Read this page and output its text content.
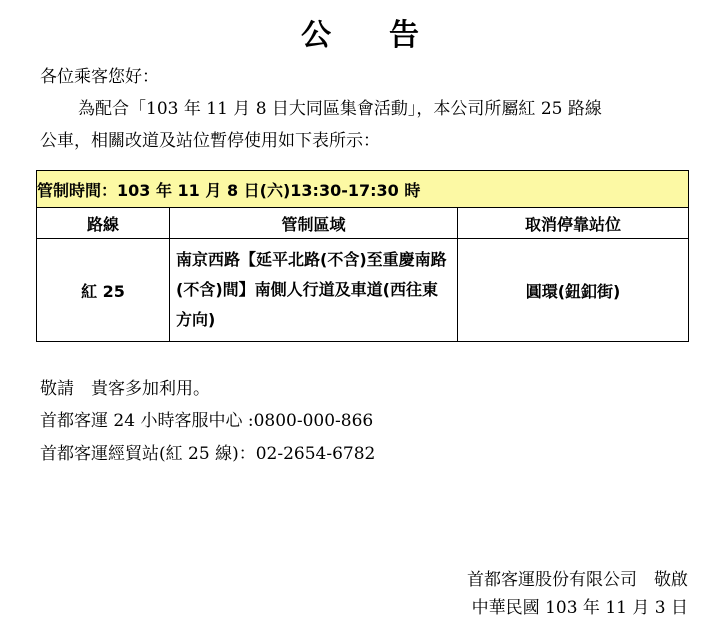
公告
各位乘客您好：
為配合「103 年 11 月 8 日大同區集會活動」，本公司所屬紅 25 路線
公車，相關改道及站位暫停使用如下表所示：
管制時間：103 年 11 月 8 日(六)13:30-17:30 時		
路線	管制區域	取消停靠站位
紅 25	南京西路【延平北路(不含)至重慶南路(不含)間】南側人行道及車道(西往東方向)	圓環(鈕釦街)
敬請　貴客多加利用。
首都客運 24 小時客服中心 :0800-000-866
首都客運經貿站(紅 25 線)：02-2654-6782
首都客運股份有限公司　敬啟
中華民國 103 年 11 月 3 日
